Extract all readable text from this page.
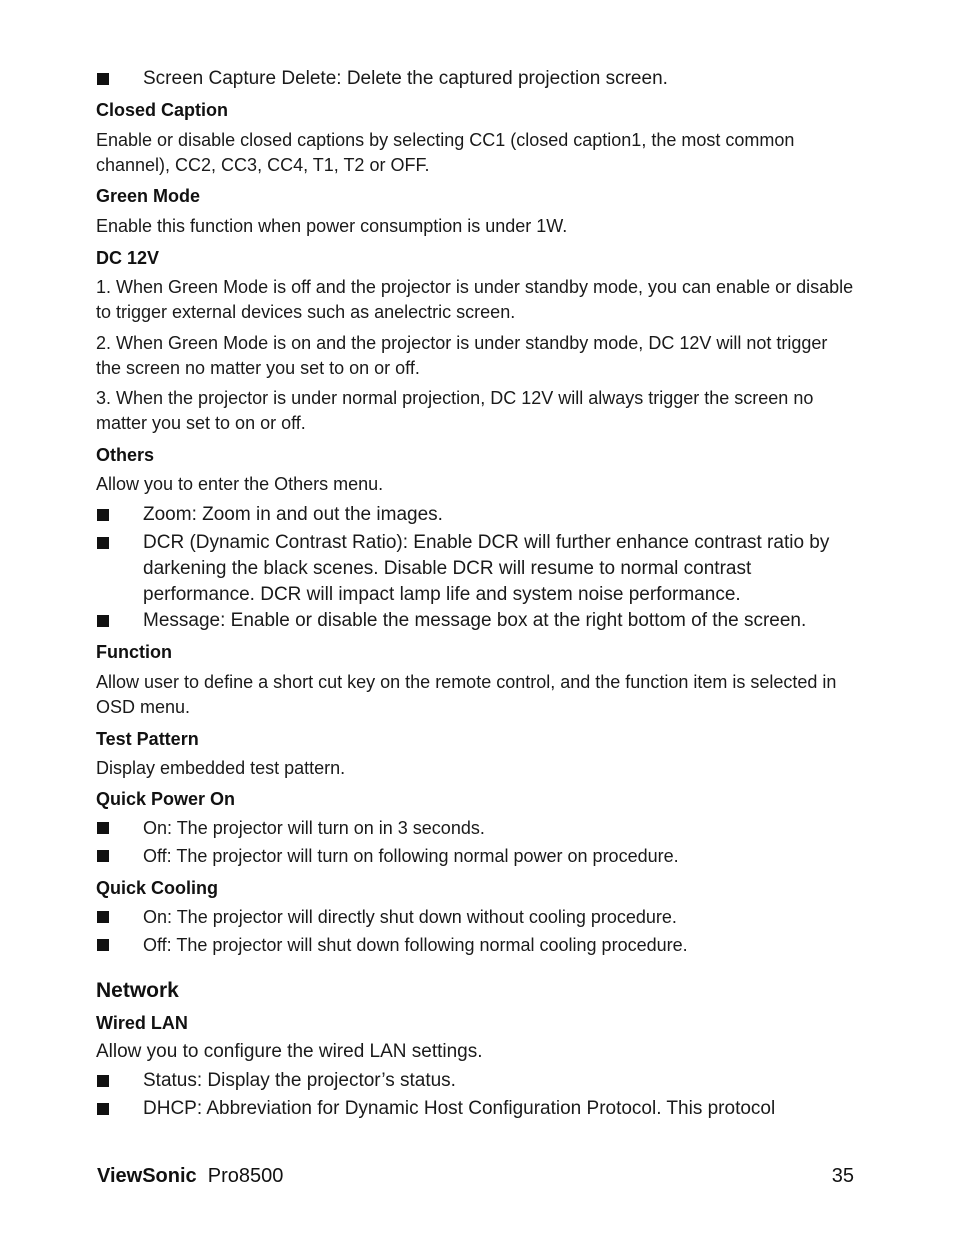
Screen Capture Delete: Delete the captured projection screen.
Closed Caption
Enable or disable closed captions by selecting CC1 (closed caption1, the most common channel), CC2, CC3, CC4, T1, T2 or OFF.
Green Mode
Enable this function when power consumption is under 1W.
DC 12V
1. When Green Mode is off and the projector is under standby mode, you can enable or disable to trigger external devices such as anelectric screen.
2. When Green Mode is on and the projector is under standby mode, DC 12V will not trigger the screen no matter you set to on or off.
3. When the projector is under normal projection, DC 12V will always trigger the screen no matter you set to on or off.
Others
Allow you to enter the Others menu.
Zoom: Zoom in and out the images.
DCR (Dynamic Contrast Ratio): Enable DCR will further enhance contrast ratio by darkening the black scenes. Disable DCR will resume to normal contrast performance. DCR will impact lamp life and system noise performance.
Message: Enable or disable the message box at the right bottom of the screen.
Function
Allow user to define a short cut key on the remote control, and the function item is selected in OSD menu.
Test Pattern
Display embedded test pattern.
Quick Power On
On: The projector will turn on in 3 seconds.
Off: The projector will turn on following normal power on procedure.
Quick Cooling
On: The projector will directly shut down without cooling procedure.
Off: The projector will shut down following normal cooling procedure.
Network
Wired LAN
Allow you to configure the wired LAN settings.
Status: Display the projector’s status.
DHCP: Abbreviation for Dynamic Host Configuration Protocol. This protocol
ViewSonic Pro8500	35
